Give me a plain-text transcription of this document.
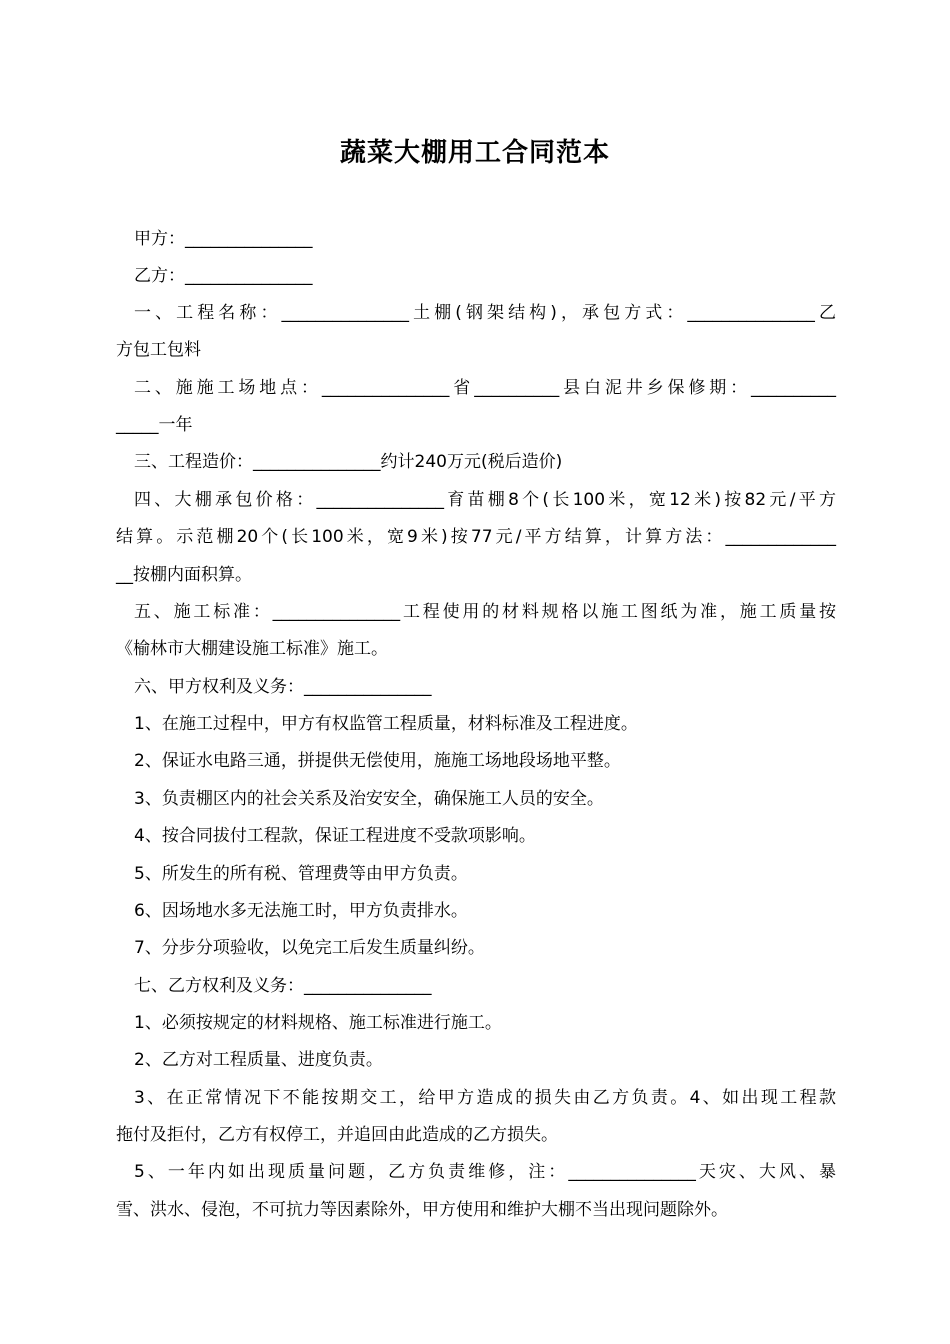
蔬菜大棚用工合同范本
甲方：_______________
乙方：_______________
一、工程名称：_______________土棚(钢架结构)，承包方式：_______________乙
方包工包料
二、施施工场地点：_______________省__________县白泥井乡保修期：__________
_____一年
三、工程造价：_______________约计240万元(税后造价)
四、大棚承包价格：_______________育苗棚8个(长100米，宽12米)按82元/平方
结算。示范棚20个(长100米，宽9米)按77元/平方结算，计算方法：_____________
__按棚内面积算。
五、施工标准：_______________工程使用的材料规格以施工图纸为准，施工质量按
《榆林市大棚建设施工标准》施工。
六、甲方权利及义务：_______________
1、在施工过程中，甲方有权监管工程质量，材料标准及工程进度。
2、保证水电路三通，拼提供无偿使用，施施工场地段场地平整。
3、负责棚区内的社会关系及治安安全，确保施工人员的安全。
4、按合同拔付工程款，保证工程进度不受款项影响。
5、所发生的所有税、管理费等由甲方负责。
6、因场地水多无法施工时，甲方负责排水。
7、分步分项验收，以免完工后发生质量纠纷。
七、乙方权利及义务：_______________
1、必须按规定的材料规格、施工标准进行施工。
2、乙方对工程质量、进度负责。
3、在正常情况下不能按期交工，给甲方造成的损失由乙方负责。4、如出现工程款
拖付及拒付，乙方有权停工，并追回由此造成的乙方损失。
5、一年内如出现质量问题，乙方负责维修，注：_______________天灾、大风、暴
雪、洪水、侵泡，不可抗力等因素除外，甲方使用和维护大棚不当出现问题除外。
